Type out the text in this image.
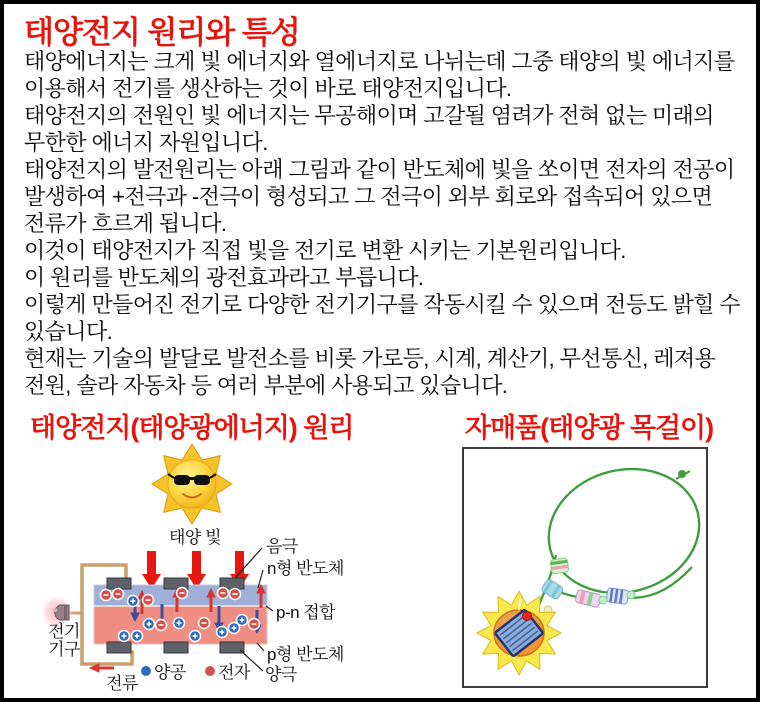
태양전지 원리와 특성
태양에너지는 크게 빛 에너지와 열에너지로 나뉘는데 그중 태양의 빛 에너지를
이용해서 전기를 생산하는 것이 바로 태양전지입니다.
태양전지의 전원인 빛 에너지는 무공해이며 고갈될 염려가 전혀 없는 미래의
무한한 에너지 자원입니다.
태양전지의 발전원리는 아래 그림과 같이 반도체에 빛을 쏘이면 전자의 전공이
발생하여 +전극과 -전극이 형성되고 그 전극이 외부 회로와 접속되어 있으면
전류가 흐르게 됩니다.
이것이 태양전지가 직접 빛을 전기로 변환 시키는 기본원리입니다.
이 원리를 반도체의 광전효과라고 부릅니다.
이렇게 만들어진 전기로 다양한 전기기구를 작동시킬 수 있으며 전등도 밝힐 수
있습니다.
현재는 기술의 발달로 발전소를 비롯 가로등, 시계, 계산기, 무선통신, 레져용
전원, 솔라 자동차 등 여러 부분에 사용되고 있습니다.
태양전지(태양광에너지) 원리	자매품(태양광 목걸이)
태양 빛	음극
n형 반도체
p-n 접합
p형 반도체
양극
전기
기구
전류
양공 전자
